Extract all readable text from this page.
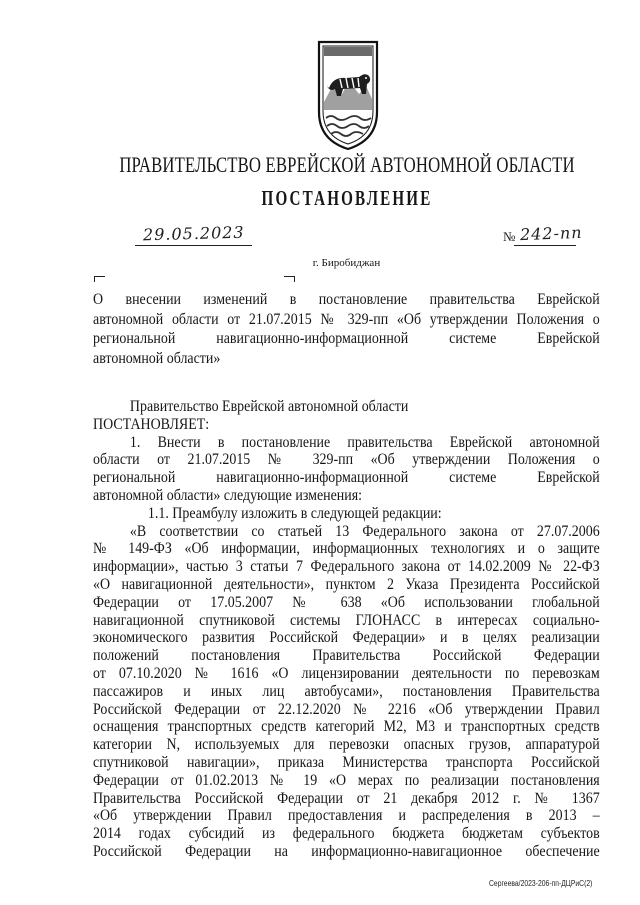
ПРАВИТЕЛЬСТВО ЕВРЕЙСКОЙ АВТОНОМНОЙ ОБЛАСТИ
ПОСТАНОВЛЕНИЕ
29.05.2023	№ 242-пп
г. Биробиджан
О внесении изменений в постановление правительства Еврейской
автономной области от 21.07.2015 № 329-пп «Об утверждении Положения о
региональной навигационно-информационной системе Еврейской
автономной области»
Правительство Еврейской автономной области
ПОСТАНОВЛЯЕТ:
1. Внести в постановление правительства Еврейской автономной
области от 21.07.2015 № 329-пп «Об утверждении Положения о
региональной навигационно-информационной системе Еврейской
автономной области» следующие изменения:
1.1. Преамбулу изложить в следующей редакции:
«В соответствии со статьей 13 Федерального закона от 27.07.2006
№ 149-ФЗ «Об информации, информационных технологиях и о защите
информации», частью 3 статьи 7 Федерального закона от 14.02.2009 № 22-ФЗ
«О навигационной деятельности», пунктом 2 Указа Президента Российской
Федерации от 17.05.2007 № 638 «Об использовании глобальной
навигационной спутниковой системы ГЛОНАСС в интересах социально-
экономического развития Российской Федерации» и в целях реализации
положений постановления Правительства Российской Федерации
от 07.10.2020 № 1616 «О лицензировании деятельности по перевозкам
пассажиров и иных лиц автобусами», постановления Правительства
Российской Федерации от 22.12.2020 № 2216 «Об утверждении Правил
оснащения транспортных средств категорий М2, М3 и транспортных средств
категории N, используемых для перевозки опасных грузов, аппаратурой
спутниковой навигации», приказа Министерства транспорта Российской
Федерации от 01.02.2013 № 19 «О мерах по реализации постановления
Правительства Российской Федерации от 21 декабря 2012 г. № 1367
«Об утверждении Правил предоставления и распределения в 2013 –
2014 годах субсидий из федерального бюджета бюджетам субъектов
Российской Федерации на информационно-навигационное обеспечение
Сергеева/2023-206-пп-ДЦРиС(2)
